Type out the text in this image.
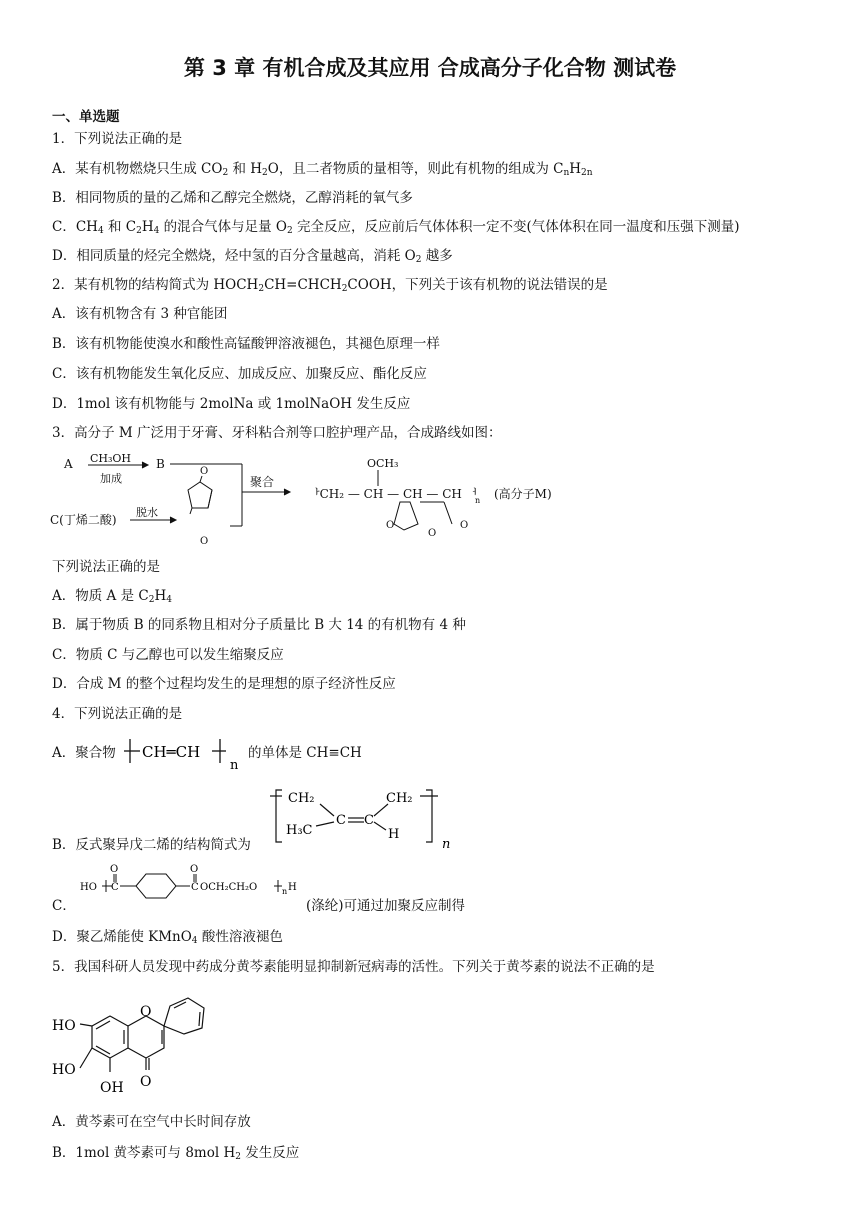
第 3 章 有机合成及其应用 合成高分子化合物 测试卷
一、单选题
1．下列说法正确的是
A．某有机物燃烧只生成 $CO_2$ 和 $H_2O$，且二者物质的量相等，则此有机物的组成为 $C_nH_{2n}$
B．相同物质的量的乙烯和乙醇完全燃烧，乙醇消耗的氧气多
C．$CH_4$ 和 $C_2H_4$ 的混合气体与足量 $O_2$ 完全反应，反应前后气体体积一定不变(气体体积在同一温度和压强下测量)
D．相同质量的烃完全燃烧，烃中氢的百分含量越高，消耗 $O_2$ 越多
2．某有机物的结构简式为 $HOCH_2CH=CHCH_2COOH$，下列关于该有机物的说法错误的是
A．该有机物含有 3 种官能团
B．该有机物能使溴水和酸性高锰酸钾溶液褪色，其褪色原理一样
C．该有机物能发生氧化反应、加成反应、加聚反应、酯化反应
D．1mol 该有机物能与 2molNa 或 1molNaOH 发生反应
3．高分子 M 广泛用于牙膏、牙科粘合剂等口腔护理产品，合成路线如图：
A CH₃OH
加成
B
C(丁烯二酸)
脱水
聚合
OCH₃
ᅡCH₂ — CH — CH — CH ᅥ
n (高分子M)
O
O
O
O	O
下列说法正确的是
A．物质 A 是 $C_2H_4$
B．属于物质 B 的同系物且相对分子质量比 B 大 14 的有机物有 4 种
C．物质 C 与乙醇也可以发生缩聚反应
D．合成 M 的整个过程均发生的是理想的原子经济性反应
4．下列说法正确的是
A．聚合物 CH═CH
n
的单体是 CH≡CH
B．反式聚异戊二烯的结构简式为
CH₂	CH₂
C C
H₃C	H
n
C．
HO
O
C
O
C OCH₂CH₂O	n H
(涤纶)可通过加聚反应制得
D．聚乙烯能使 KMnO$_4$ 酸性溶液褪色
5．我国科研人员发现中药成分黄芩素能明显抑制新冠病毒的活性。下列关于黄芩素的说法不正确的是
HO
HO
OH
O
O
A．黄芩素可在空气中长时间存放
B．1mol 黄芩素可与 8mol $H_2$ 发生反应
